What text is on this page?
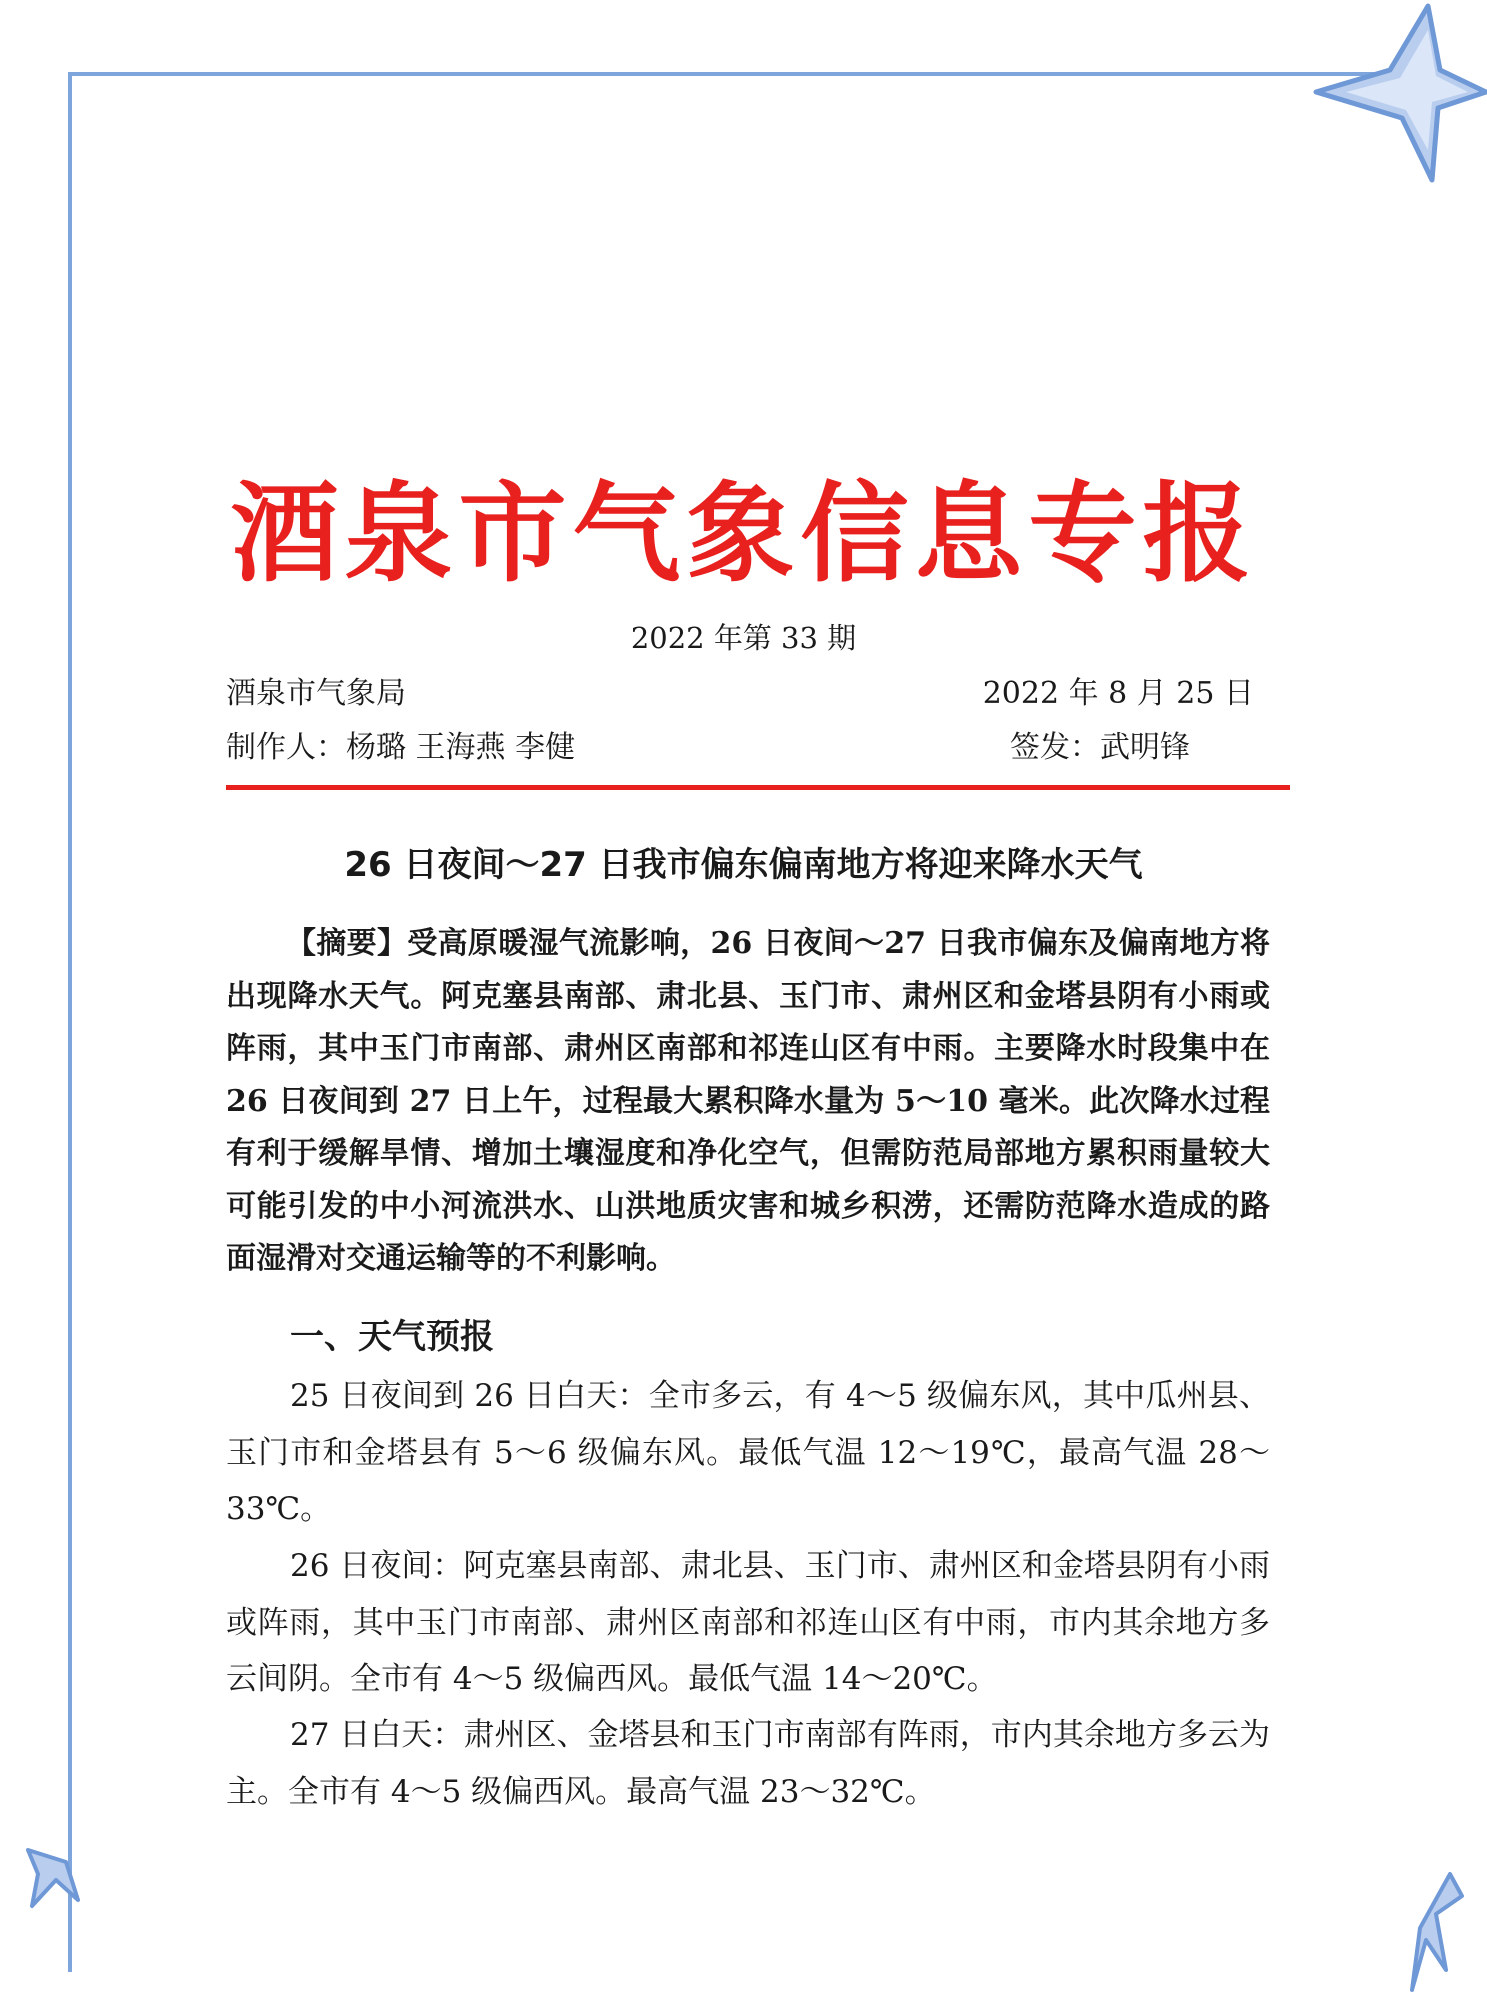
酒泉市气象信息专报
2022 年第 33 期
酒泉市气象局	2022 年 8 月 25 日
制作人：杨璐 王海燕 李健	签发：武明锋
26 日夜间～27 日我市偏东偏南地方将迎来降水天气

【摘要】受高原暖湿气流影响，26 日夜间～27 日我市偏东及偏南地方将出现降水天气。阿克塞县南部、肃北县、玉门市、肃州区和金塔县阴有小雨或阵雨，其中玉门市南部、肃州区南部和祁连山区有中雨。主要降水时段集中在 26 日夜间到 27 日上午，过程最大累积降水量为 5～10 毫米。此次降水过程有利于缓解旱情、增加土壤湿度和净化空气，但需防范局部地方累积雨量较大可能引发的中小河流洪水、山洪地质灾害和城乡积涝，还需防范降水造成的路面湿滑对交通运输等的不利影响。

一、天气预报

25 日夜间到 26 日白天：全市多云，有 4～5 级偏东风，其中瓜州县、玉门市和金塔县有 5～6 级偏东风。最低气温 12～19℃，最高气温 28～33℃。

26 日夜间：阿克塞县南部、肃北县、玉门市、肃州区和金塔县阴有小雨或阵雨，其中玉门市南部、肃州区南部和祁连山区有中雨，市内其余地方多云间阴。全市有 4～5 级偏西风。最低气温 14～20℃。

27 日白天：肃州区、金塔县和玉门市南部有阵雨，市内其余地方多云为主。全市有 4～5 级偏西风。最高气温 23～32℃。
